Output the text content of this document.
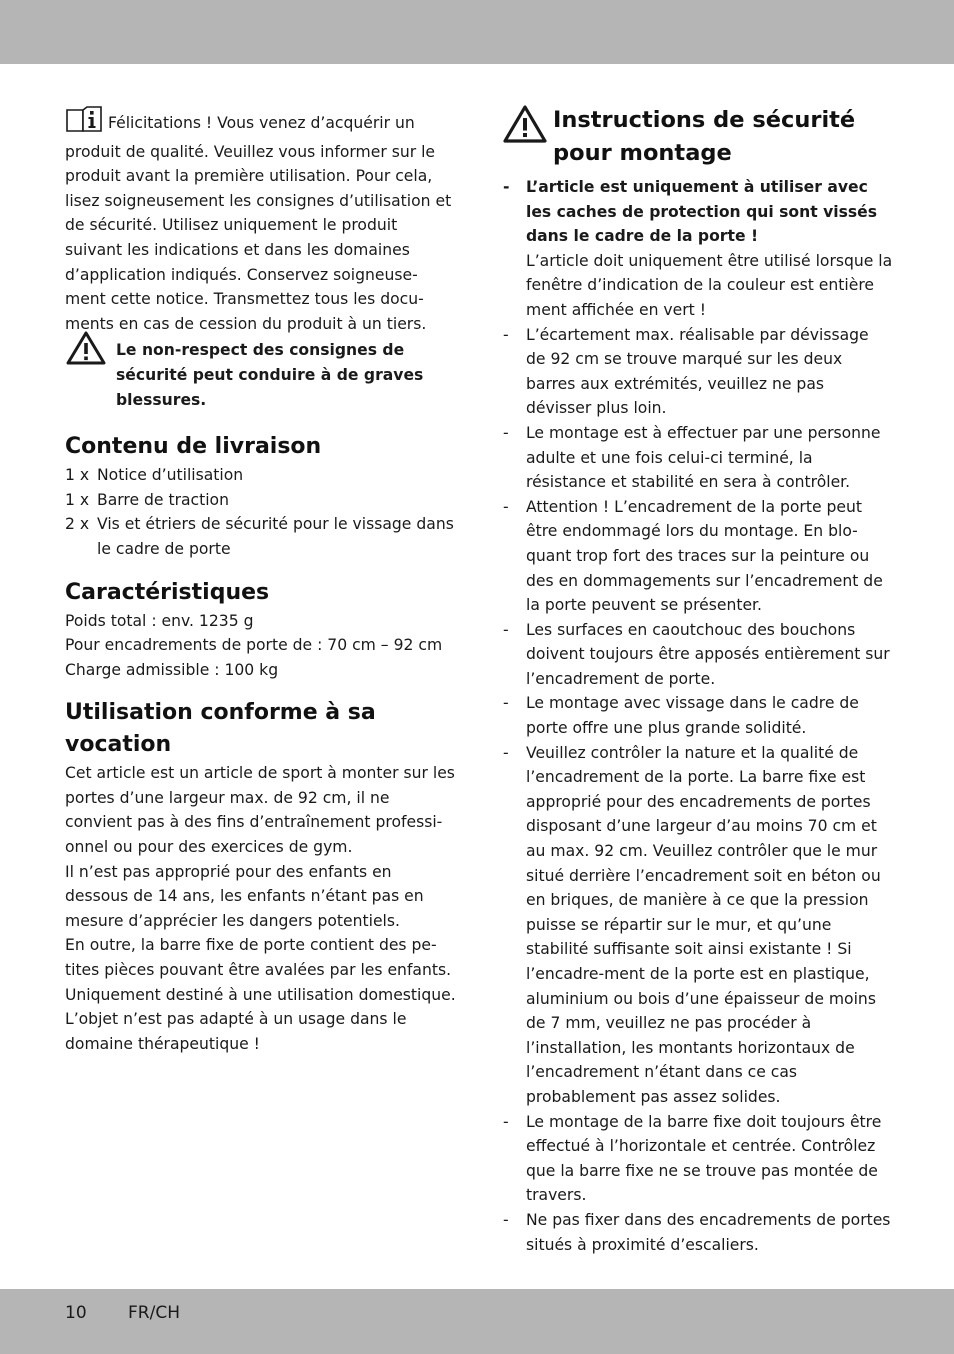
Félicitations ! Vous venez d’acquérir un produit de qualité. Veuillez vous informer sur le produit avant la première utilisation. Pour cela, lisez soigneusement les consignes d’utilisation et de sécurité. Utilisez uniquement le produit suivant les indications et dans les domaines d’application indiqués. Conservez soigneuse-ment cette notice. Transmettez tous les docu-ments en cas de cession du produit à un tiers.

Le non-respect des consignes de sécurité peut conduire à de graves blessures.

Contenu de livraison
1 x Notice d’utilisation
1 x Barre de traction
2 x Vis et étriers de sécurité pour le vissage dans le cadre de porte
Caractéristiques
Poids total : env. 1235 g
Pour encadrements de porte de : 70 cm – 92 cm
Charge admissible : 100 kg
Utilisation conforme à sa vocation

Cet article est un article de sport à monter sur les portes d’une largeur max. de 92 cm, il ne convient pas à des fins d’entraînement professi-onnel ou pour des exercices de gym.

Il n’est pas approprié pour des enfants en dessous de 14 ans, les enfants n’étant pas en mesure d’apprécier les dangers potentiels.

En outre, la barre fixe de porte contient des pe-tites pièces pouvant être avalées par les enfants.

Uniquement destiné à une utilisation domestique.

L’objet n’est pas adapté à un usage dans le domaine thérapeutique !

Instructions de sécurité pour montage
-	L’article est uniquement à utiliser avec les caches de protection qui sont vissés dans le cadre de la porte !
L’article doit uniquement être utilisé lorsque la fenêtre d’indication de la couleur est entière ment affichée en vert !
-	L’écartement max. réalisable par dévissage de 92 cm se trouve marqué sur les deux barres aux extrémités, veuillez ne pas dévisser plus loin.
-	Le montage est à effectuer par une personne adulte et une fois celui-ci terminé, la résistance et stabilité en sera à contrôler.
-	Attention ! L’encadrement de la porte peut être endommagé lors du montage. En blo-quant trop fort des traces sur la peinture ou des en dommagements sur l’encadrement de la porte peuvent se présenter.
-	Les surfaces en caoutchouc des bouchons doivent toujours être apposés entièrement sur l’encadrement de porte.
-	Le montage avec vissage dans le cadre de porte offre une plus grande solidité.
-	Veuillez contrôler la nature et la qualité de l’encadrement de la porte. La barre fixe est approprié pour des encadrements de portes disposant d’une largeur d’au moins 70 cm et au max. 92 cm. Veuillez contrôler que le mur situé derrière l’encadrement soit en béton ou en briques, de manière à ce que la pression puisse se répartir sur le mur, et qu’une stabilité suffisante soit ainsi existante ! Si l’encadre-ment de la porte est en plastique, aluminium ou bois d’une épaisseur de moins de 7 mm, veuillez ne pas procéder à l’installation, les montants horizontaux de l’encadrement n’étant dans ce cas probablement pas assez solides.
-	Le montage de la barre fixe doit toujours être effectué à l’horizontale et centrée. Contrôlez que la barre fixe ne se trouve pas montée de travers.
-	Ne pas fixer dans des encadrements de portes situés à proximité d’escaliers.
10 FR/CH
